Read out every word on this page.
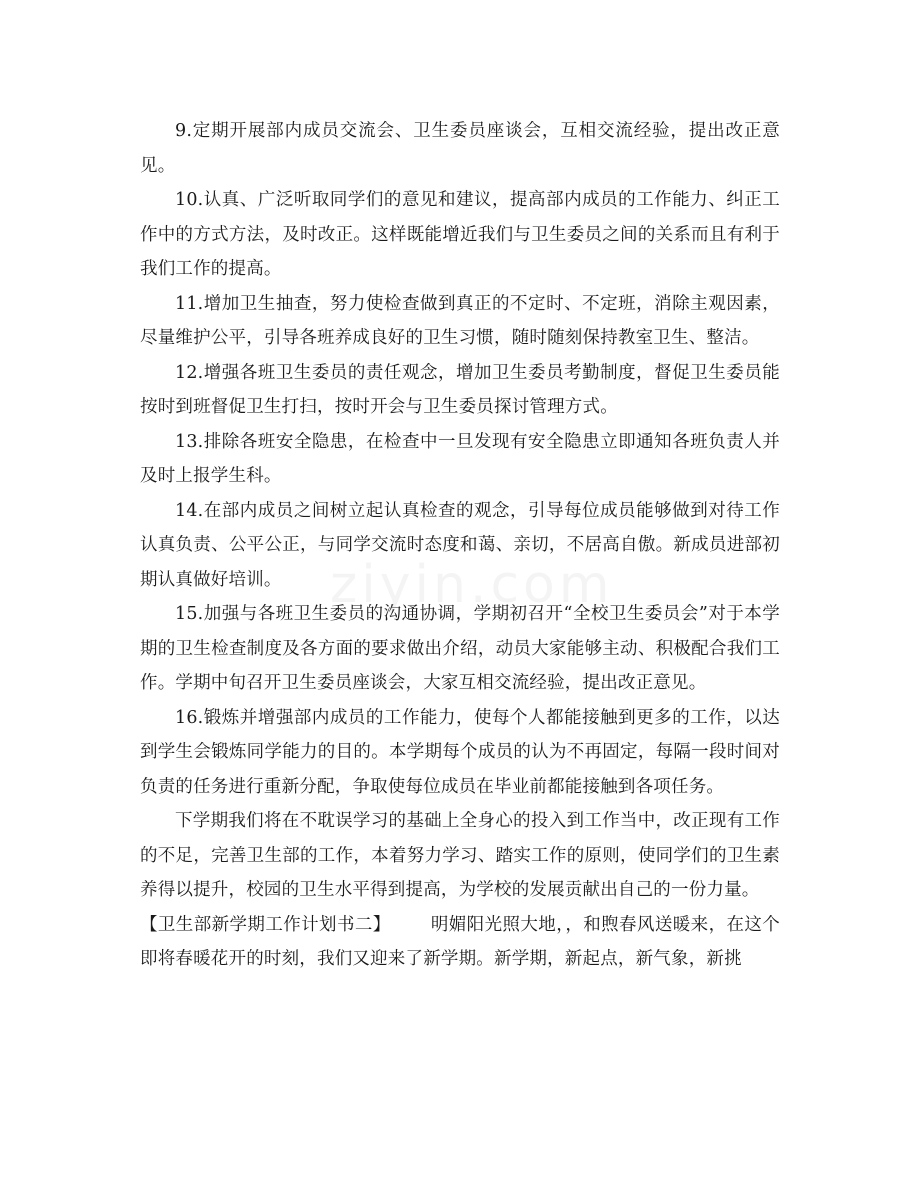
9.定期开展部内成员交流会、卫生委员座谈会，互相交流经验，提出改正意见。

10.认真、广泛听取同学们的意见和建议，提高部内成员的工作能力、纠正工作中的方式方法，及时改正。这样既能增近我们与卫生委员之间的关系而且有利于我们工作的提高。

11.增加卫生抽查，努力使检查做到真正的不定时、不定班，消除主观因素，尽量维护公平，引导各班养成良好的卫生习惯，随时随刻保持教室卫生、整洁。

12.增强各班卫生委员的责任观念，增加卫生委员考勤制度，督促卫生委员能按时到班督促卫生打扫，按时开会与卫生委员探讨管理方式。

13.排除各班安全隐患，在检查中一旦发现有安全隐患立即通知各班负责人并及时上报学生科。

14.在部内成员之间树立起认真检查的观念，引导每位成员能够做到对待工作认真负责、公平公正，与同学交流时态度和蔼、亲切，不居高自傲。新成员进部初期认真做好培训。

15.加强与各班卫生委员的沟通协调，学期初召开“全校卫生委员会”对于本学期的卫生检查制度及各方面的要求做出介绍，动员大家能够主动、积极配合我们工作。学期中旬召开卫生委员座谈会，大家互相交流经验，提出改正意见。

16.锻炼并增强部内成员的工作能力，使每个人都能接触到更多的工作，以达到学生会锻炼同学能力的目的。本学期每个成员的认为不再固定，每隔一段时间对负责的任务进行重新分配，争取使每位成员在毕业前都能接触到各项任务。

下学期我们将在不耽误学习的基础上全身心的投入到工作当中，改正现有工作的不足，完善卫生部的工作，本着努力学习、踏实工作的原则，使同学们的卫生素养得以提升，校园的卫生水平得到提高，为学校的发展贡献出自己的一份力量。

【卫生部新学期工作计划书二】 明媚阳光照大地，，和煦春风送暖来，在这个即将春暖花开的时刻，我们又迎来了新学期。新学期，新起点，新气象，新挑

ziyin.com
